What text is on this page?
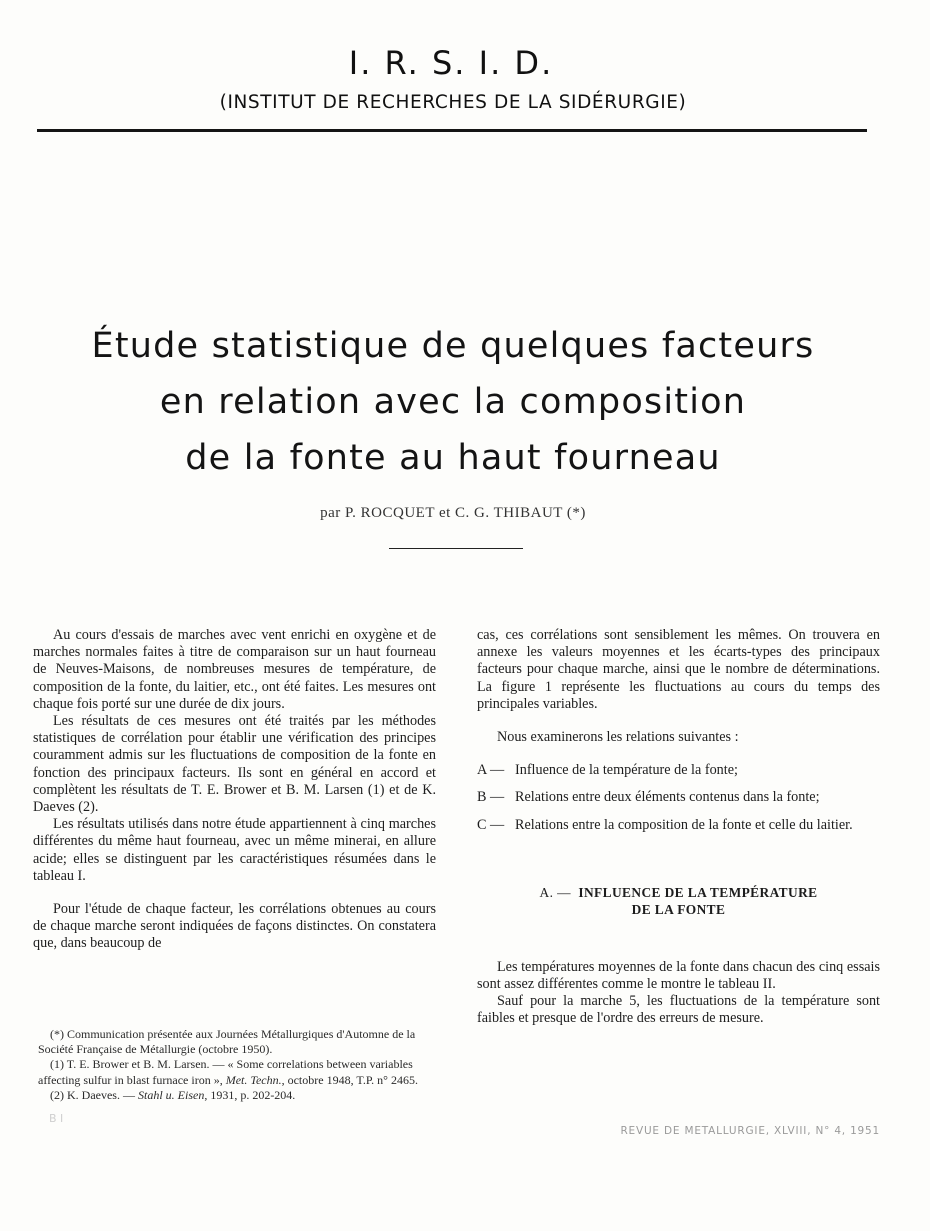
I. R. S. I. D.
(INSTITUT DE RECHERCHES DE LA SIDÉRURGIE)
Étude statistique de quelques facteurs
en relation avec la composition
de la fonte au haut fourneau
par P. ROCQUET et C. G. THIBAUT (*)

Au cours d'essais de marches avec vent enrichi en oxygène et de marches normales faites à titre de comparaison sur un haut fourneau de Neuves-Maisons, de nombreuses mesures de température, de composition de la fonte, du laitier, etc., ont été faites. Les mesures ont chaque fois porté sur une durée de dix jours.

Les résultats de ces mesures ont été traités par les méthodes statistiques de corrélation pour établir une vérification des principes couramment admis sur les fluctuations de composition de la fonte en fonction des principaux facteurs. Ils sont en général en accord et complètent les résultats de T. E. Brower et B. M. Larsen (1) et de K. Daeves (2).

Les résultats utilisés dans notre étude appartiennent à cinq marches différentes du même haut fourneau, avec un même minerai, en allure acide; elles se distinguent par les caractéristiques résumées dans le tableau I.

Pour l'étude de chaque facteur, les corrélations obtenues au cours de chaque marche seront indiquées de façons distinctes. On constatera que, dans beaucoup de

cas, ces corrélations sont sensiblement les mêmes. On trouvera en annexe les valeurs moyennes et les écarts-types des principaux facteurs pour chaque marche, ainsi que le nombre de déterminations. La figure 1 représente les fluctuations au cours du temps des principales variables.

Nous examinerons les relations suivantes :

A — Influence de la température de la fonte;
B — Relations entre deux éléments contenus dans la fonte;
C — Relations entre la composition de la fonte et celle du laitier.
A. — INFLUENCE DE LA TEMPÉRATURE
DE LA FONTE

Les températures moyennes de la fonte dans chacun des cinq essais sont assez différentes comme le montre le tableau II.

Sauf pour la marche 5, les fluctuations de la température sont faibles et presque de l'ordre des erreurs de mesure.

(*) Communication présentée aux Journées Métallurgiques d'Automne de la Société Française de Métallurgie (octobre 1950).

(1) T. E. Brower et B. M. Larsen. — « Some correlations between variables affecting sulfur in blast furnace iron », Met. Techn., octobre 1948, T.P. n° 2465.

(2) K. Daeves. — Stahl u. Eisen, 1931, p. 202-204.

B I
REVUE DE METALLURGIE, XLVIII, N° 4, 1951
